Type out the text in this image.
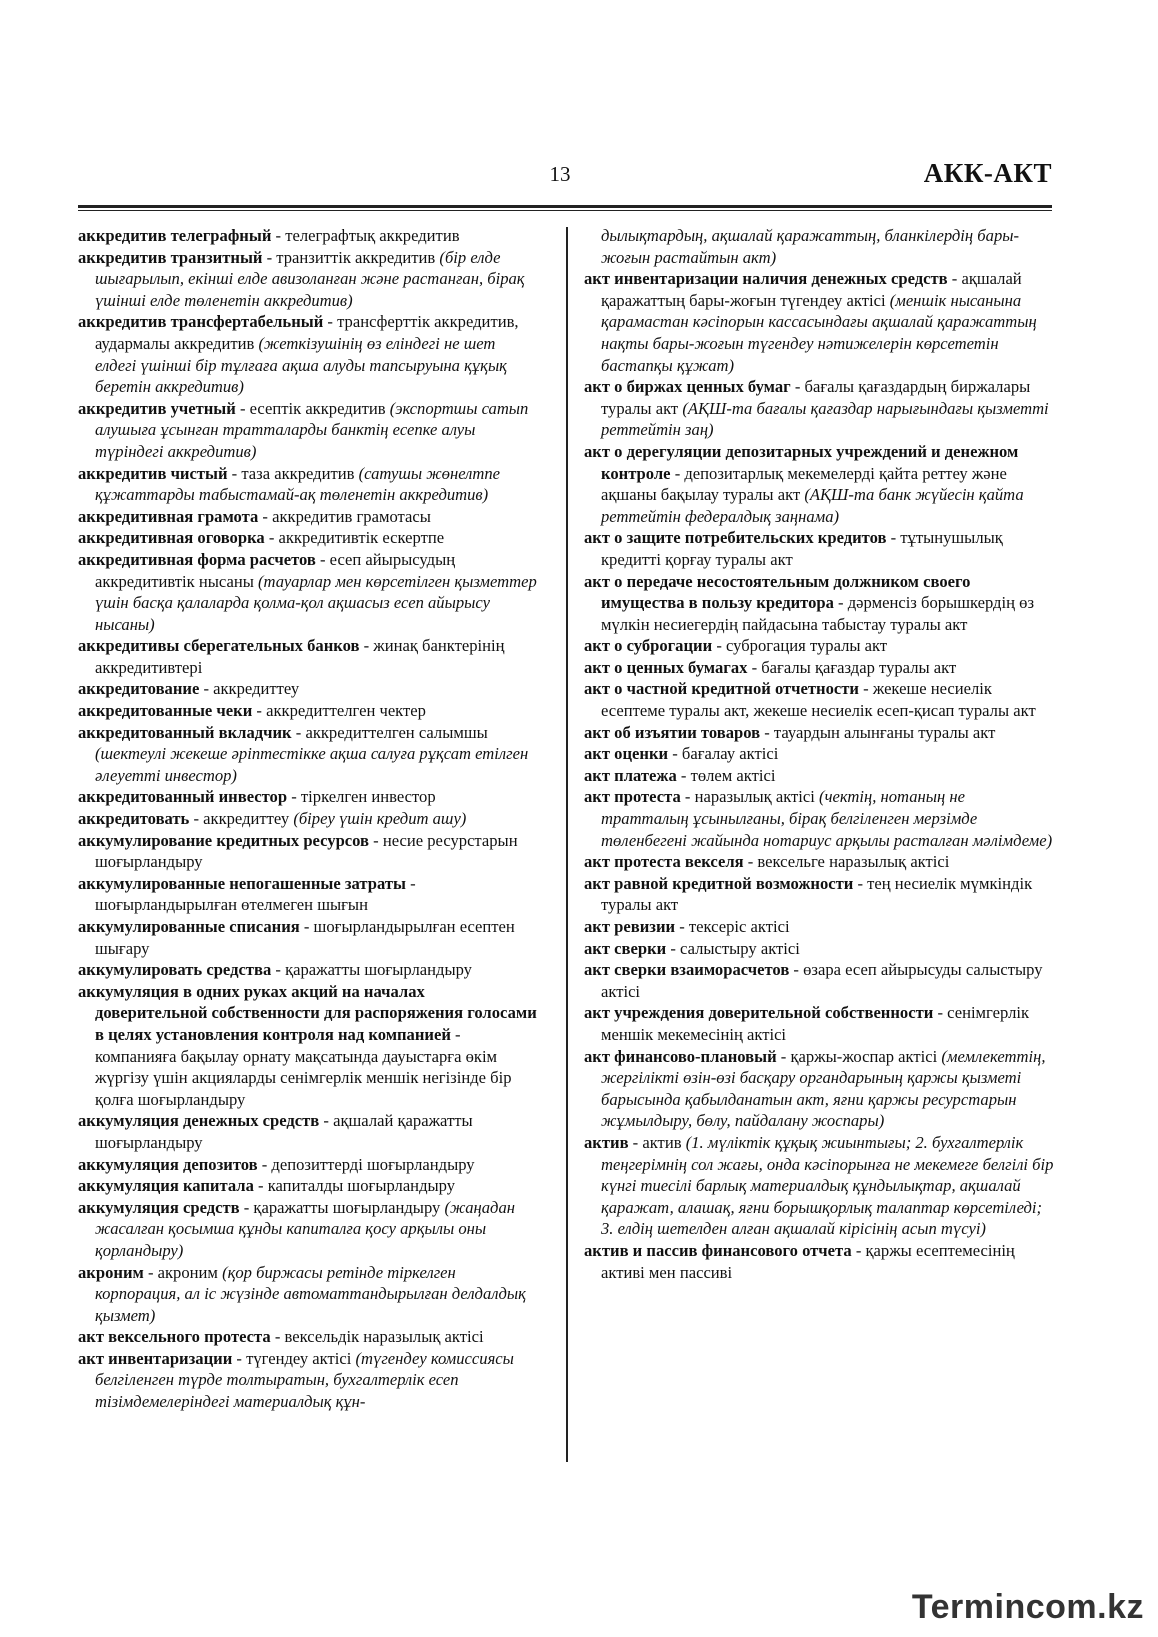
13	АКК-АКТ

аккредитив телеграфный - телеграфтық аккредитив

аккредитив транзитный - транзиттік аккредитив (бір елде шығарылып, екінші елде авизоланған және растанған, бірақ үшінші елде төленетін аккредитив)

аккредитив трансфертабельный - трансферттік аккредитив, аудармалы аккредитив (жеткізушінің өз еліндегі не шет елдегі үшінші бір тұлғаға ақша алуды тапсыруына құқық беретін аккредитив)

аккредитив учетный - есептік аккредитив (экспортшы сатып алушыға ұсынған тратталарды банктің есепке алуы түріндегі аккредитив)

аккредитив чистый - таза аккредитив (сатушы жөнелтпе құжаттарды табыстамай-ақ төленетін аккредитив)

аккредитивная грамота - аккредитив грамотасы

аккредитивная оговорка - аккредитивтік ескертпе

аккредитивная форма расчетов - есеп айырысудың аккредитивтік нысаны (тауарлар мен көрсетілген қызметтер үшін басқа қалаларда қолма-қол ақшасыз есеп айырысу нысаны)

аккредитивы сберегательных банков - жинақ банктерінің аккредитивтері

аккредитование - аккредиттеу

аккредитованные чеки - аккредиттелген чектер

аккредитованный вкладчик - аккредиттелген салымшы (шектеулі жекеше әріптестікке ақша салуға рұқсат етілген әлеуетті инвестор)

аккредитованный инвестор - тіркелген инвестор

аккредитовать - аккредиттеу (біреу үшін кредит ашу)

аккумулирование кредитных ресурсов - несие ресурстарын шоғырландыру

аккумулированные непогашенные затраты - шоғырландырылған өтелмеген шығын

аккумулированные списания - шоғырландырылған есептен шығару

аккумулировать средства - қаражатты шоғырландыру

аккумуляция в одних руках акций на началах доверительной собственности для распоряжения голосами в целях установления контроля над компанией - компанияға бақылау орнату мақсатында дауыстарға өкім жүргізу үшін акцияларды сенімгерлік меншік негізінде бір қолға шоғырландыру

аккумуляция денежных средств - ақшалай қаражатты шоғырландыру

аккумуляция депозитов - депозиттерді шоғырландыру

аккумуляция капитала - капиталды шоғырландыру

аккумуляция средств - қаражатты шоғырландыру (жаңадан жасалған қосымша құнды капиталға қосу арқылы оны қорландыру)

акроним - акроним (қор биржасы ретінде тіркелген корпорация, ал іс жүзінде автоматтандырылған делдалдық қызмет)

акт вексельного протеста - вексельдік наразылық актісі

акт инвентаризации - түгендеу актісі (түгендеу комиссиясы белгіленген түрде толтыратын, бухгалтерлік есеп тізімдемелеріндегі материалдық құн-

дылықтардың, ақшалай қаражаттың, бланкілердің бары-жоғын растайтын акт)

акт инвентаризации наличия денежных средств - ақшалай қаражаттың бары-жоғын түгендеу актісі (меншік нысанына қарамастан кәсіпорын кассасындағы ақшалай қаражаттың нақты бары-жоғын түгендеу нәтижелерін көрсететін бастапқы құжат)

акт о биржах ценных бумаг - бағалы қағаздардың биржалары туралы акт (АҚШ-та бағалы қағаздар нарығындағы қызметті реттейтін заң)

акт о дерегуляции депозитарных учреждений и денежном контроле - депозитарлық мекемелерді қайта реттеу және ақшаны бақылау туралы акт (АҚШ-та банк жүйесін қайта реттейтін федералдық заңнама)

акт о защите потребительских кредитов - тұтынушылық кредитті қорғау туралы акт

акт о передаче несостоятельным должником своего имущества в пользу кредитора - дәрменсіз борышкердің өз мүлкін несиегердің пайдасына табыстау туралы акт

акт о суброгации - суброгация туралы акт

акт о ценных бумагах - бағалы қағаздар туралы акт

акт о частной кредитной отчетности - жекеше несиелік есептеме туралы акт, жекеше несиелік есеп-қисап туралы акт

акт об изъятии товаров - тауардын алынғаны туралы акт

акт оценки - бағалау актісі

акт платежа - төлем актісі

акт протеста - наразылық актісі (чектің, нотаның не тратталың ұсынылғаны, бірақ белгіленген мерзімде төленбегені жайында нотариус арқылы расталған мәлімдеме)

акт протеста векселя - вексельге наразылық актісі

акт равной кредитной возможности - тең несиелік мүмкіндік туралы акт

акт ревизии - тексеріс актісі

акт сверки - салыстыру актісі

акт сверки взаиморасчетов - өзара есеп айырысуды салыстыру актісі

акт учреждения доверительной собственности - сенімгерлік меншік мекемесінің актісі

акт финансово-плановый - қаржы-жоспар актісі (мемлекеттің, жергілікті өзін-өзі басқару органдарының қаржы қызметі барысында қабылданатын акт, яғни қаржы ресурстарын жұмылдыру, бөлу, пайдалану жоспары)

актив - актив (1. мүліктік құқық жиынтығы; 2. бухгалтерлік теңгерімнің сол жағы, онда кәсіпорынға не мекемеге белгілі бір күнгі тиесілі барлық материалдық құндылықтар, ақшалай қаражат, алашақ, яғни борышқорлық талаптар көрсетіледі; 3. елдің шетелден алған ақшалай кірісінің асып түсуі)

актив и пассив финансового отчета - қаржы есептемесінің активі мен пассиві

Termincom.kz
